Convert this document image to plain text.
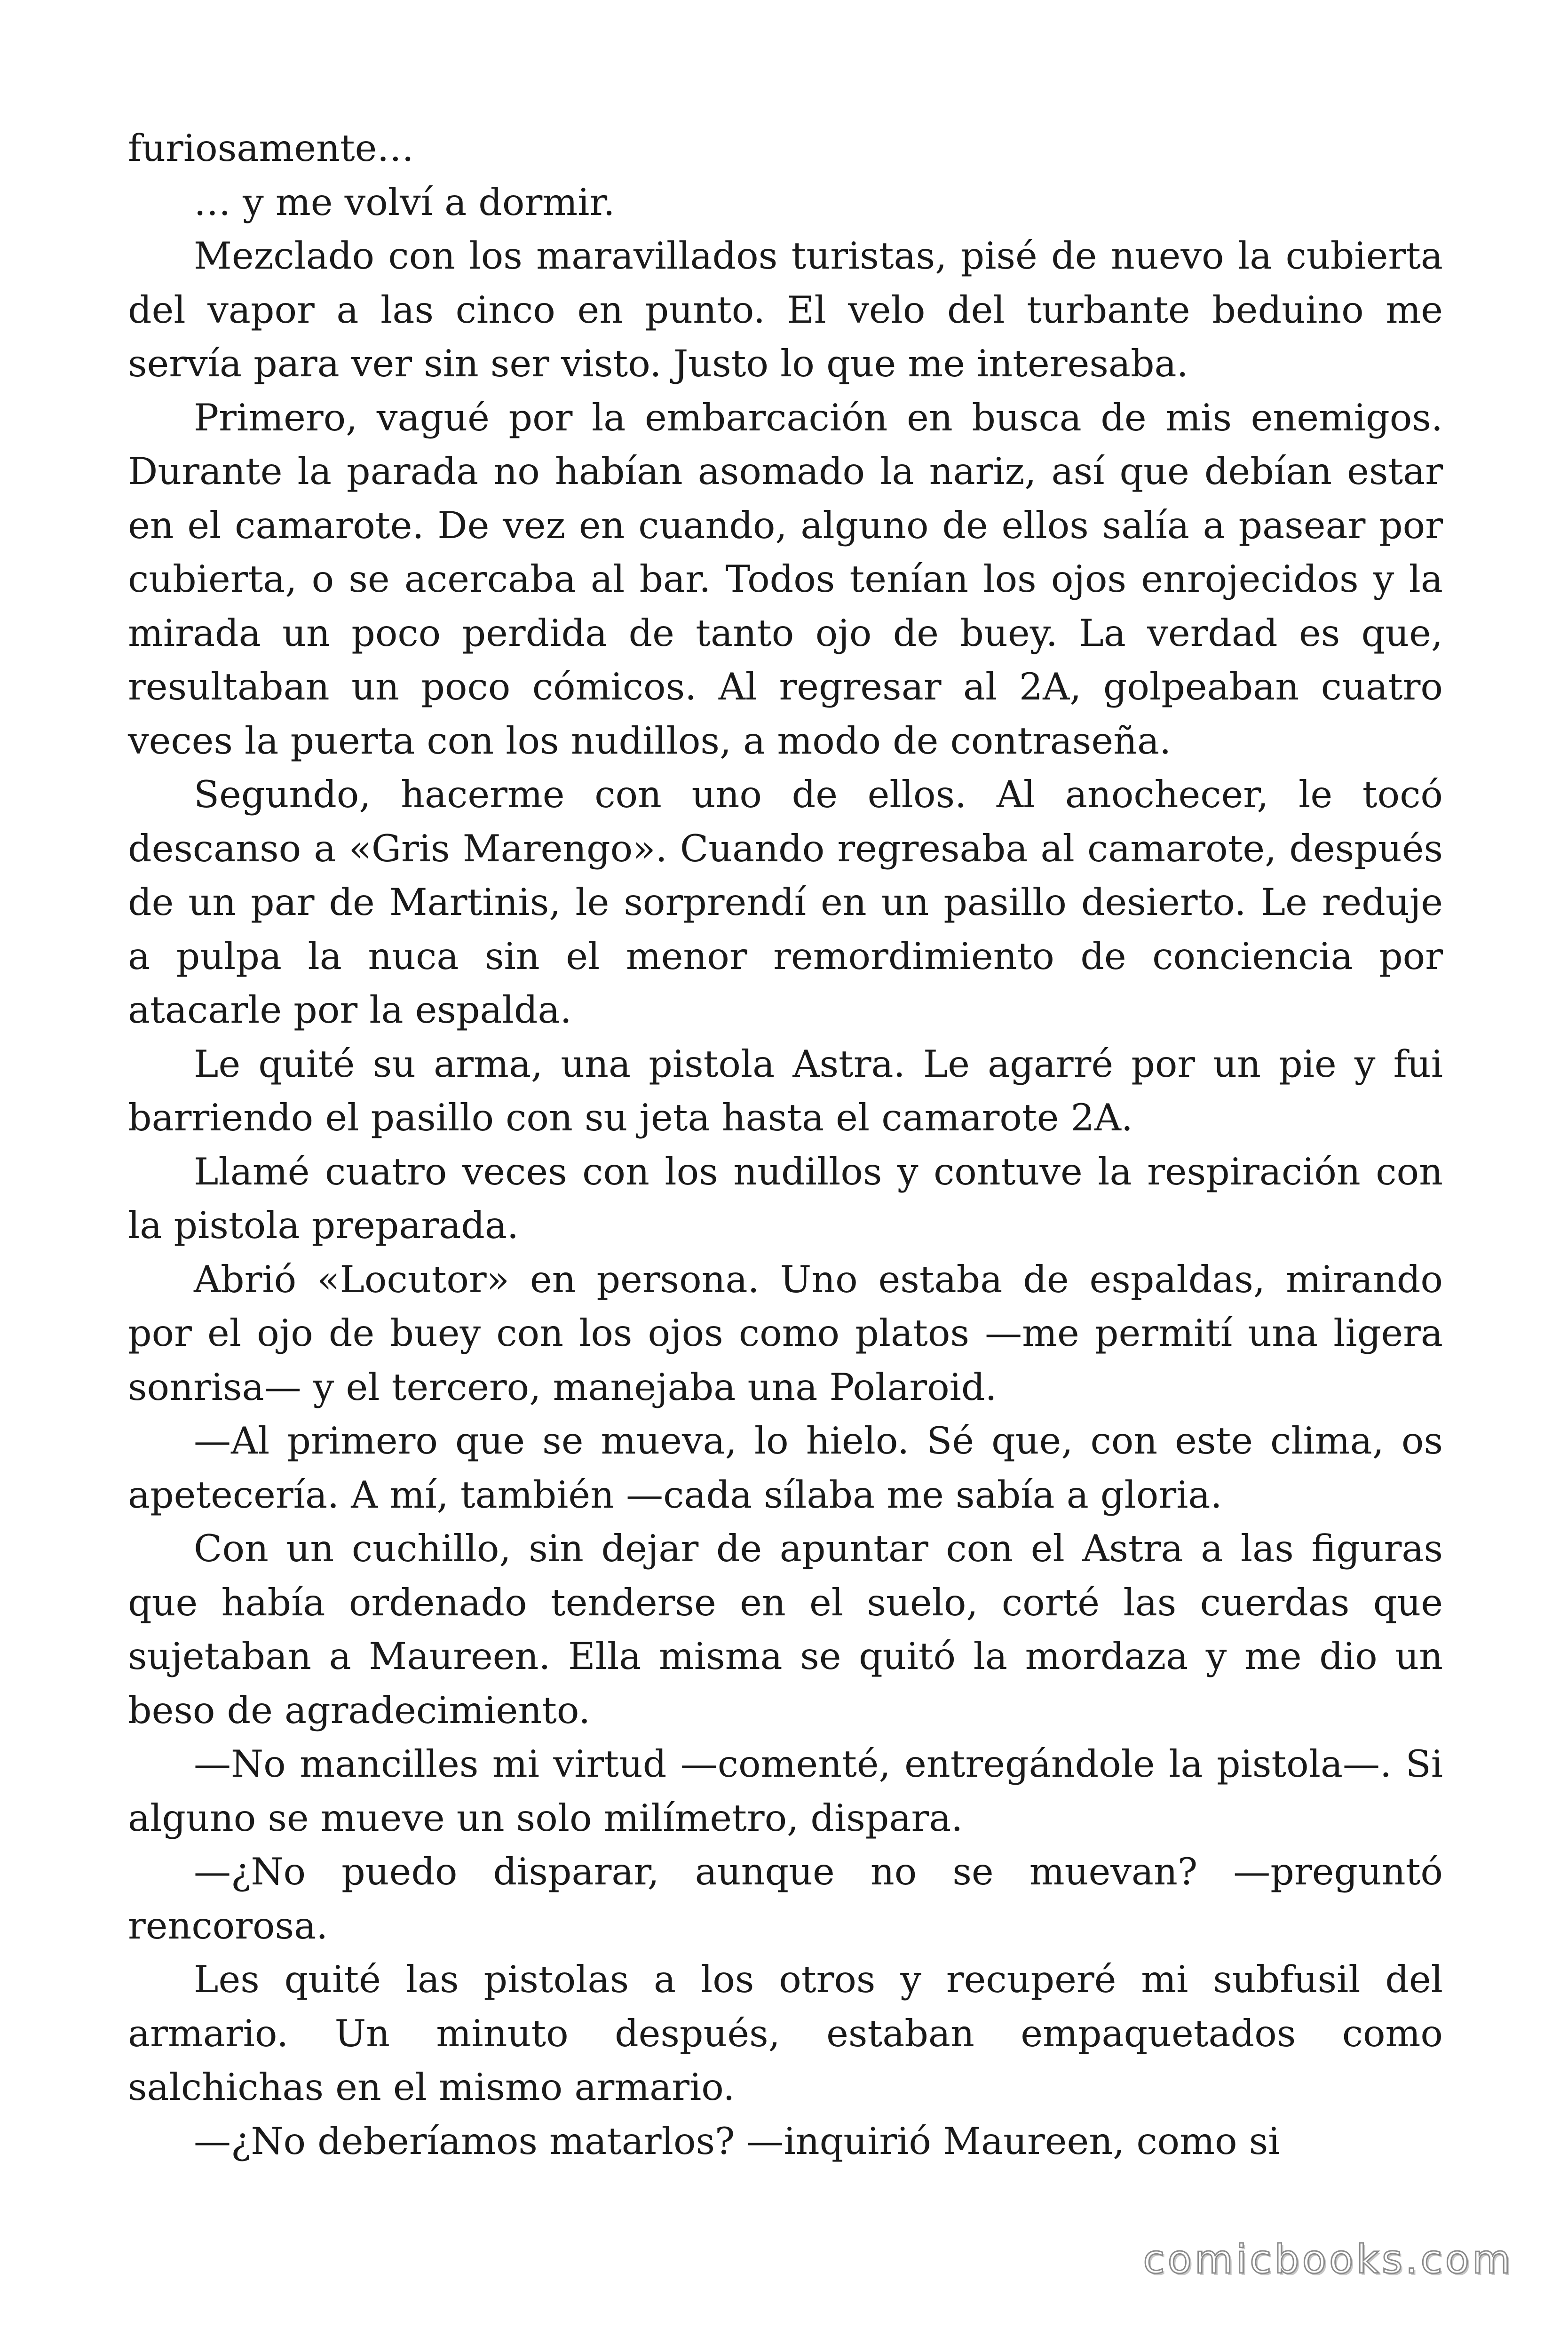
furiosamente…

… y me volví a dormir.

Mezclado con los maravillados turistas, pisé de nuevo la cubierta del vapor a las cinco en punto. El velo del turbante beduino me servía para ver sin ser visto. Justo lo que me interesaba.

Primero, vagué por la embarcación en busca de mis enemigos. Durante la parada no habían asomado la nariz, así que debían estar en el camarote. De vez en cuando, alguno de ellos salía a pasear por cubierta, o se acercaba al bar. Todos tenían los ojos enrojecidos y la mirada un poco perdida de tanto ojo de buey. La verdad es que, resultaban un poco cómicos. Al regresar al 2A, golpeaban cuatro veces la puerta con los nudillos, a modo de contraseña.

Segundo, hacerme con uno de ellos. Al anochecer, le tocó descanso a «Gris Marengo». Cuando regresaba al camarote, después de un par de Martinis, le sorprendí en un pasillo desierto. Le reduje a pulpa la nuca sin el menor remordimiento de conciencia por atacarle por la espalda.

Le quité su arma, una pistola Astra. Le agarré por un pie y fui barriendo el pasillo con su jeta hasta el camarote 2A.

Llamé cuatro veces con los nudillos y contuve la respiración con la pistola preparada.

Abrió «Locutor» en persona. Uno estaba de espaldas, mirando por el ojo de buey con los ojos como platos —me permití una ligera sonrisa— y el tercero, manejaba una Polaroid.

—Al primero que se mueva, lo hielo. Sé que, con este clima, os apetecería. A mí, también —cada sílaba me sabía a gloria.

Con un cuchillo, sin dejar de apuntar con el Astra a las figuras que había ordenado tenderse en el suelo, corté las cuerdas que sujetaban a Maureen. Ella misma se quitó la mordaza y me dio un beso de agradecimiento.

—No mancilles mi virtud —comenté, entregándole la pistola—. Si alguno se mueve un solo milímetro, dispara.

—¿No puedo disparar, aunque no se muevan? —preguntó rencorosa.

Les quité las pistolas a los otros y recuperé mi subfusil del armario. Un minuto después, estaban empaquetados como salchichas en el mismo armario.

—¿No deberíamos matarlos? —inquirió Maureen, como si

comicbooks.com
